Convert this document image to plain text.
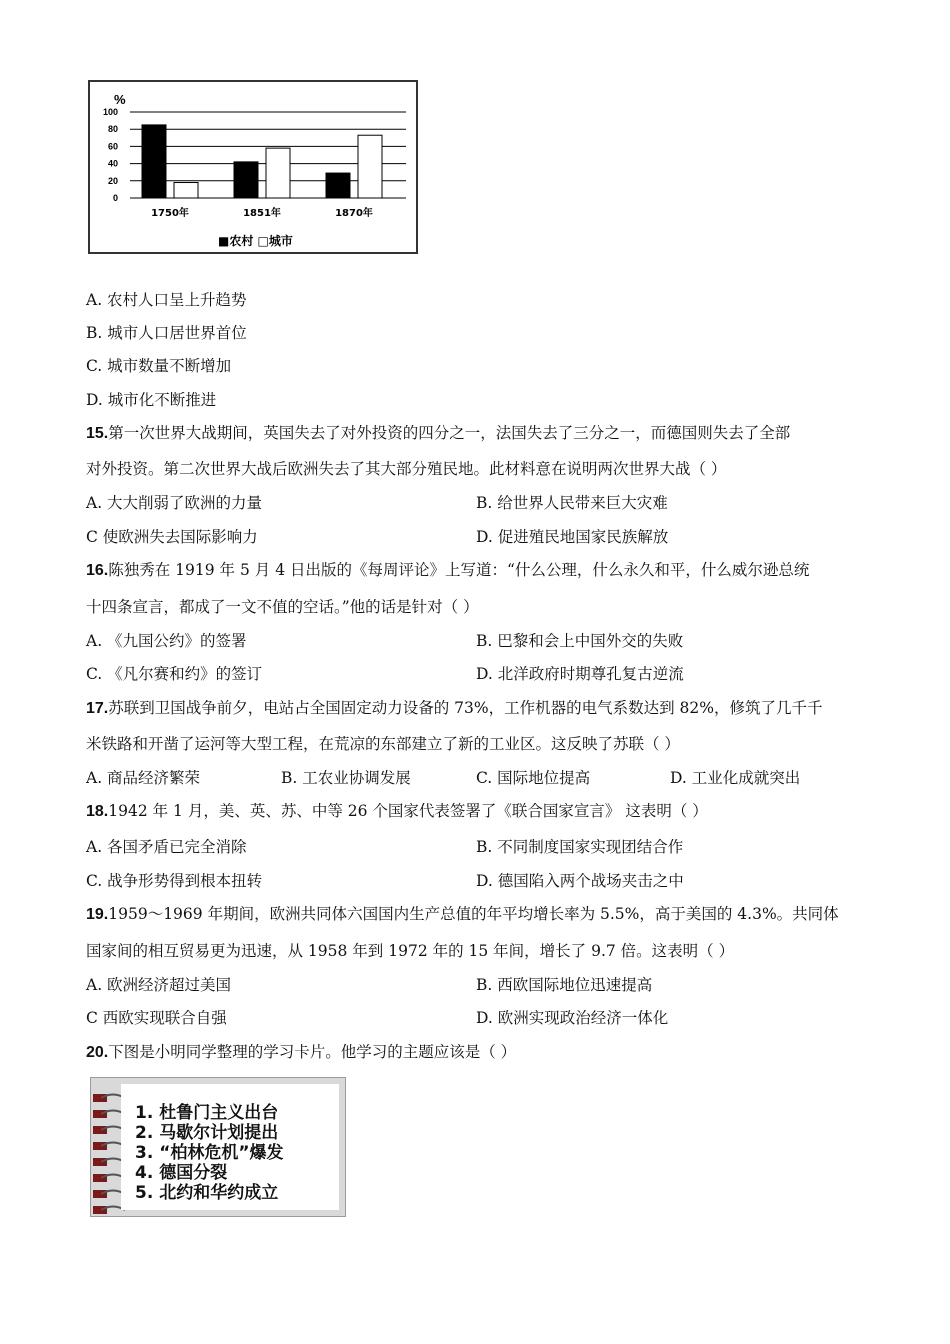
%
0
20
40
60
80
100
1750年	1851年	1870年
■农村 □城市
A. 农村人口呈上升趋势
B. 城市人口居世界首位
C. 城市数量不断增加
D. 城市化不断推进
15.第一次世界大战期间，英国失去了对外投资的四分之一，法国失去了三分之一，而德国则失去了全部
对外投资。第二次世界大战后欧洲失去了其大部分殖民地。此材料意在说明两次世界大战（ ）
A. 大大削弱了欧洲的力量	B. 给世界人民带来巨大灾难
C 使欧洲失去国际影响力	D. 促进殖民地国家民族解放
16.陈独秀在 1919 年 5 月 4 日出版的《每周评论》上写道：“什么公理，什么永久和平，什么威尔逊总统
十四条宣言，都成了一文不值的空话。”他的话是针对（ ）
A. 《九国公约》的签署	B. 巴黎和会上中国外交的失败
C. 《凡尔赛和约》的签订	D. 北洋政府时期尊孔复古逆流
17.苏联到卫国战争前夕，电站占全国固定动力设备的 73%，工作机器的电气系数达到 82%，修筑了几千千
米铁路和开凿了运河等大型工程，在荒凉的东部建立了新的工业区。这反映了苏联（ ）
A. 商品经济繁荣	B. 工农业协调发展	C. 国际地位提高	D. 工业化成就突出
18.1942 年 1 月，美、英、苏、中等 26 个国家代表签署了《联合国家宣言》 这表明（ ）
A. 各国矛盾已完全消除	B. 不同制度国家实现团结合作
C. 战争形势得到根本扭转	D. 德国陷入两个战场夹击之中
19.1959～1969 年期间，欧洲共同体六国国内生产总值的年平均增长率为 5.5%，高于美国的 4.3%。共同体
国家间的相互贸易更为迅速，从 1958 年到 1972 年的 15 年间，增长了 9.7 倍。这表明（ ）
A. 欧洲经济超过美国	B. 西欧国际地位迅速提高
C 西欧实现联合自强	D. 欧洲实现政治经济一体化
20.下图是小明同学整理的学习卡片。他学习的主题应该是（ ）
1. 杜鲁门主义出台
2. 马歇尔计划提出
3. “柏林危机”爆发
4. 德国分裂
5. 北约和华约成立
